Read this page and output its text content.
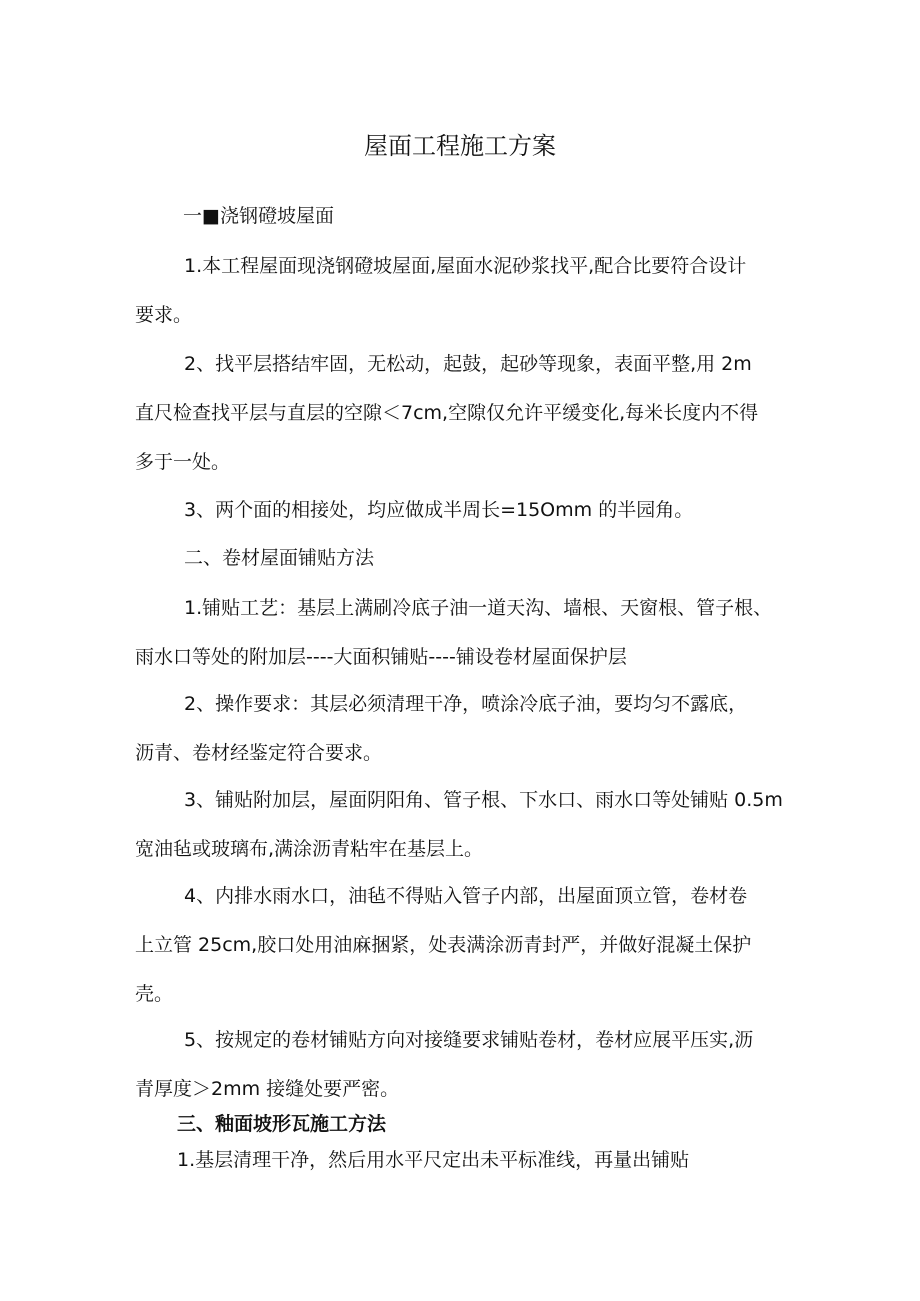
屋面工程施工方案
一■浇钢磴坡屋面
1.本工程屋面现浇钢磴坡屋面,屋面水泥砂浆找平,配合比要符合设计
要求。
2、找平层搭结牢固，无松动，起鼓，起砂等现象，表面平整,用 2m
直尺检查找平层与直层的空隙＜7cm,空隙仅允许平缓变化,每米长度内不得
多于一处。
3、两个面的相接处，均应做成半周长=15Omm 的半园角。
二、卷材屋面铺贴方法
1.铺贴工艺：基层上满刷冷底子油一道天沟、墙根、天窗根、管子根、
雨水口等处的附加层----大面积铺贴----铺设卷材屋面保护层
2、操作要求：其层必须清理干净，喷涂冷底子油，要均匀不露底，
沥青、卷材经鉴定符合要求。
3、铺贴附加层，屋面阴阳角、管子根、下水口、雨水口等处铺贴 0.5m
宽油毡或玻璃布,满涂沥青粘牢在基层上。
4、内排水雨水口，油毡不得贴入管子内部，出屋面顶立管，卷材卷
上立管 25cm,胶口处用油麻捆紧，处表满涂沥青封严，并做好混凝土保护
壳。
5、按规定的卷材铺贴方向对接缝要求铺贴卷材，卷材应展平压实,沥
青厚度＞2mm 接缝处要严密。
三、釉面坡形瓦施工方法
1.基层清理干净，然后用水平尺定出未平标准线，再量出铺贴
